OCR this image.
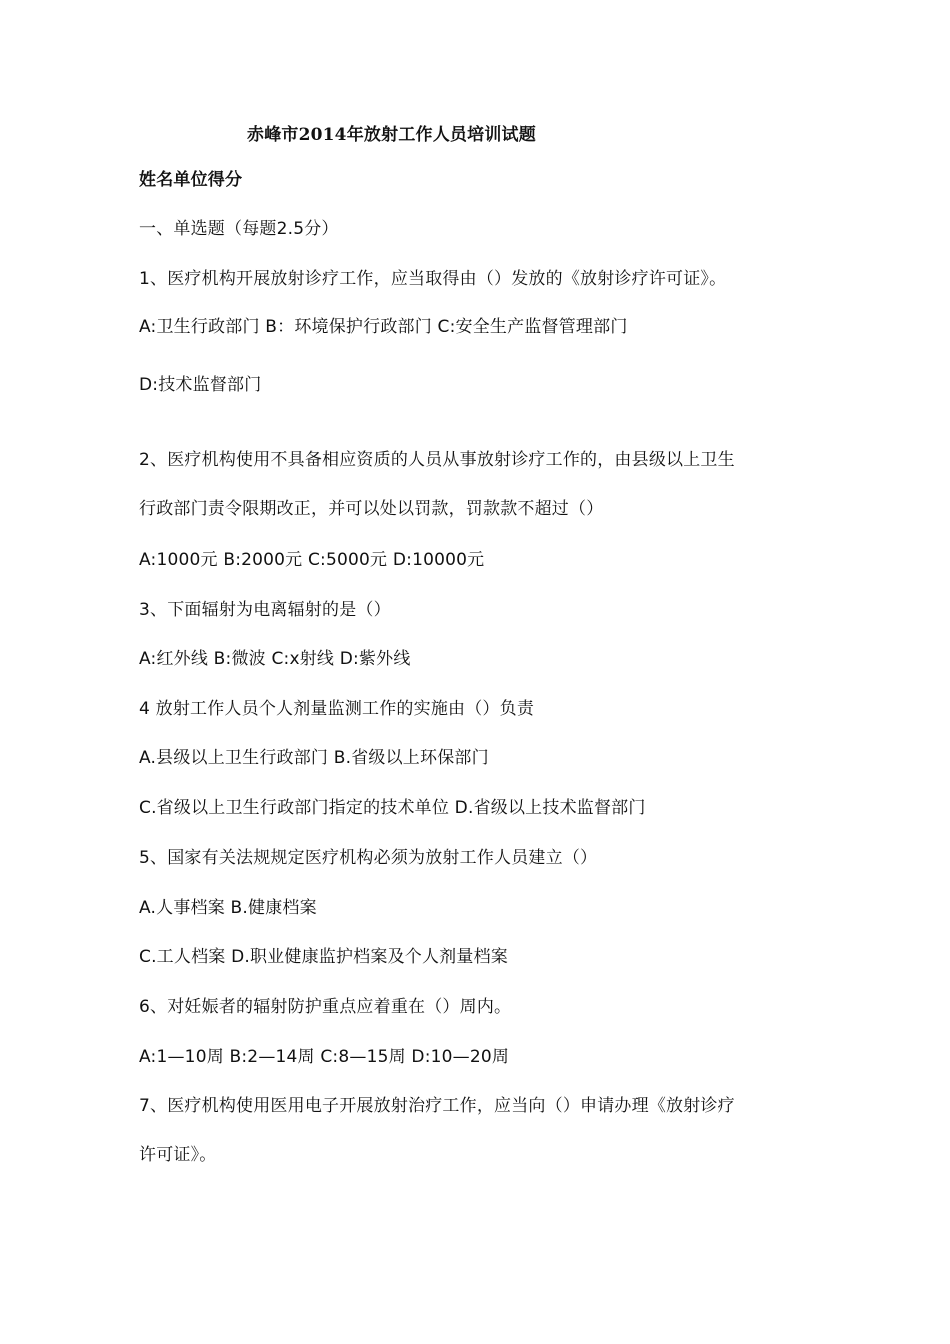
赤峰市2014年放射工作人员培训试题
姓名单位得分
一、单选题（每题2.5分）
1、医疗机构开展放射诊疗工作，应当取得由（）发放的《放射诊疗许可证》。
A:卫生行政部门 B：环境保护行政部门 C:安全生产监督管理部门
D:技术监督部门
2、医疗机构使用不具备相应资质的人员从事放射诊疗工作的，由县级以上卫生
行政部门责令限期改正，并可以处以罚款，罚款款不超过（）
A:1000元 B:2000元 C:5000元 D:10000元
3、下面辐射为电离辐射的是（）
A:红外线 B:微波 C:x射线 D:紫外线
4 放射工作人员个人剂量监测工作的实施由（）负责
A.县级以上卫生行政部门 B.省级以上环保部门
C.省级以上卫生行政部门指定的技术单位 D.省级以上技术监督部门
5、国家有关法规规定医疗机构必须为放射工作人员建立（）
A.人事档案 B.健康档案
C.工人档案 D.职业健康监护档案及个人剂量档案
6、对妊娠者的辐射防护重点应着重在（）周内。
A:1—10周 B:2—14周 C:8—15周 D:10—20周
7、医疗机构使用医用电子开展放射治疗工作，应当向（）申请办理《放射诊疗
许可证》。
